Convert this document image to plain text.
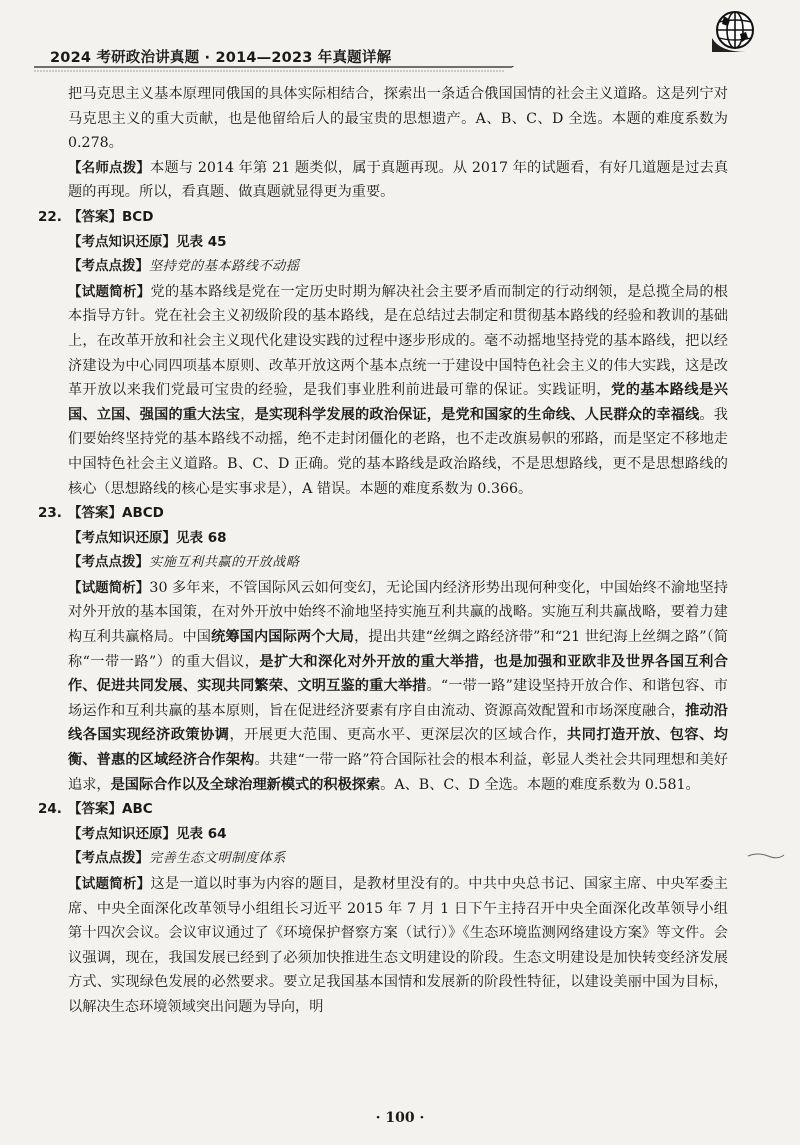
2024 考研政治讲真题 · 2014—2023 年真题详解

把马克思主义基本原理同俄国的具体实际相结合，探索出一条适合俄国国情的社会主义道路。这是列宁对马克思主义的重大贡献，也是他留给后人的最宝贵的思想遗产。A、B、C、D 全选。本题的难度系数为 0.278。

【名师点拨】本题与 2014 年第 21 题类似，属于真题再现。从 2017 年的试题看，有好几道题是过去真题的再现。所以，看真题、做真题就显得更为重要。

22. 【答案】BCD

【考点知识还原】见表 45

【考点点拨】坚持党的基本路线不动摇

【试题简析】党的基本路线是党在一定历史时期为解决社会主要矛盾而制定的行动纲领，是总揽全局的根本指导方针。党在社会主义初级阶段的基本路线，是在总结过去制定和贯彻基本路线的经验和教训的基础上，在改革开放和社会主义现代化建设实践的过程中逐步形成的。毫不动摇地坚持党的基本路线，把以经济建设为中心同四项基本原则、改革开放这两个基本点统一于建设中国特色社会主义的伟大实践，这是改革开放以来我们党最可宝贵的经验，是我们事业胜利前进最可靠的保证。实践证明，党的基本路线是兴国、立国、强国的重大法宝，是实现科学发展的政治保证，是党和国家的生命线、人民群众的幸福线。我们要始终坚持党的基本路线不动摇，绝不走封闭僵化的老路，也不走改旗易帜的邪路，而是坚定不移地走中国特色社会主义道路。B、C、D 正确。党的基本路线是政治路线，不是思想路线，更不是思想路线的核心（思想路线的核心是实事求是），A 错误。本题的难度系数为 0.366。

23. 【答案】ABCD

【考点知识还原】见表 68

【考点点拨】实施互利共赢的开放战略

【试题简析】30 多年来，不管国际风云如何变幻，无论国内经济形势出现何种变化，中国始终不渝地坚持对外开放的基本国策，在对外开放中始终不渝地坚持实施互利共赢的战略。实施互利共赢战略，要着力建构互利共赢格局。中国统筹国内国际两个大局，提出共建“丝绸之路经济带”和“21 世纪海上丝绸之路”（简称“一带一路”）的重大倡议，是扩大和深化对外开放的重大举措，也是加强和亚欧非及世界各国互利合作、促进共同发展、实现共同繁荣、文明互鉴的重大举措。“一带一路”建设坚持开放合作、和谐包容、市场运作和互利共赢的基本原则，旨在促进经济要素有序自由流动、资源高效配置和市场深度融合，推动沿线各国实现经济政策协调，开展更大范围、更高水平、更深层次的区域合作，共同打造开放、包容、均衡、普惠的区域经济合作架构。共建“一带一路”符合国际社会的根本利益，彰显人类社会共同理想和美好追求，是国际合作以及全球治理新模式的积极探索。A、B、C、D 全选。本题的难度系数为 0.581。

24. 【答案】ABC

【考点知识还原】见表 64

【考点点拨】完善生态文明制度体系

【试题简析】这是一道以时事为内容的题目，是教材里没有的。中共中央总书记、国家主席、中央军委主席、中央全面深化改革领导小组组长习近平 2015 年 7 月 1 日下午主持召开中央全面深化改革领导小组第十四次会议。会议审议通过了《环境保护督察方案（试行）》《生态环境监测网络建设方案》等文件。会议强调，现在，我国发展已经到了必须加快推进生态文明建设的阶段。生态文明建设是加快转变经济发展方式、实现绿色发展的必然要求。要立足我国基本国情和发展新的阶段性特征，以建设美丽中国为目标，以解决生态环境领域突出问题为导向，明

· 100 ·
